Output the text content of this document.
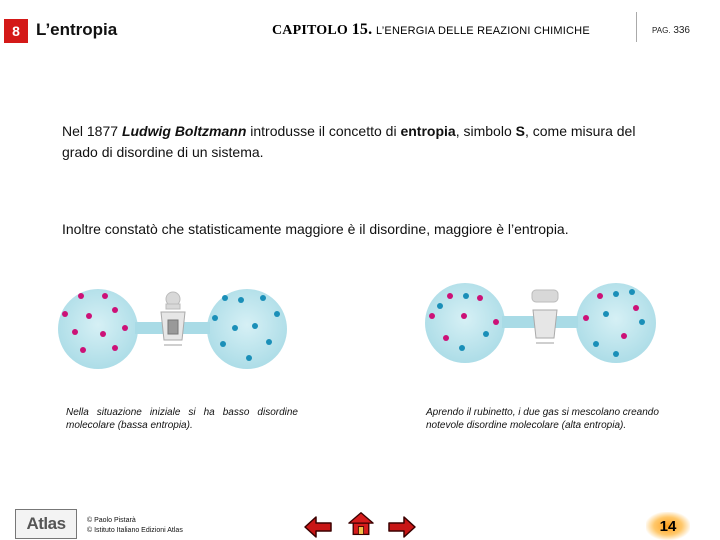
8 L’entropia	CAPITOLO 15. L’ENERGIA DELLE REAZIONI CHIMICHE	PAG. 336
Nel 1877 Ludwig Boltzmann introdusse il concetto di entropia, simbolo S, come misura del grado di disordine di un sistema.
Inoltre constatò che statisticamente maggiore è il disordine, maggiore è l’entropia.
Nella situazione iniziale si ha basso disordine molecolare (bassa entropia).
Aprendo il rubinetto, i due gas si mescolano creando notevole disordine molecolare (alta entropia).
Atlas	© Paolo Pistarà
© Istituto Italiano Edizioni Atlas	14
